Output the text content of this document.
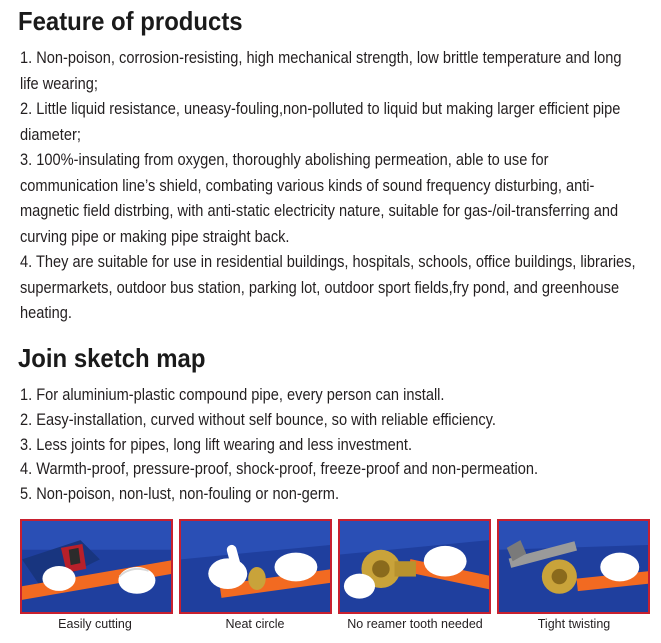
Feature of products

1. Non-poison, corrosion-resisting, high mechanical strength, low brittle temperature and long life wearing;

2. Little liquid resistance, uneasy-fouling,non-polluted to liquid but making larger efficient pipe diameter;

3. 100%-insulating from oxygen, thoroughly abolishing permeation, able to use for communication line’s shield, combating various kinds of sound frequency disturbing, anti-magnetic field distrbing, with anti-static electricity nature, suitable for gas-/oil-transferring and curving pipe or making pipe straight back.

4. They are suitable for use in residential buildings, hospitals, schools, office buildings, libraries, supermarkets, outdoor bus station, parking lot, outdoor sport fields,fry pond, and greenhouse heating.

Join sketch map

1. For aluminium-plastic compound pipe, every person can install.

2. Easy-installation, curved without self bounce, so with reliable efficiency.

3. Less joints for pipes, long lift wearing and less investment.

4. Warmth-proof, pressure-proof, shock-proof, freeze-proof and non-permeation.

5. Non-poison, non-lust, non-fouling or non-germ.

Easily cutting	Neat circle	No reamer tooth needed	Tight twisting
